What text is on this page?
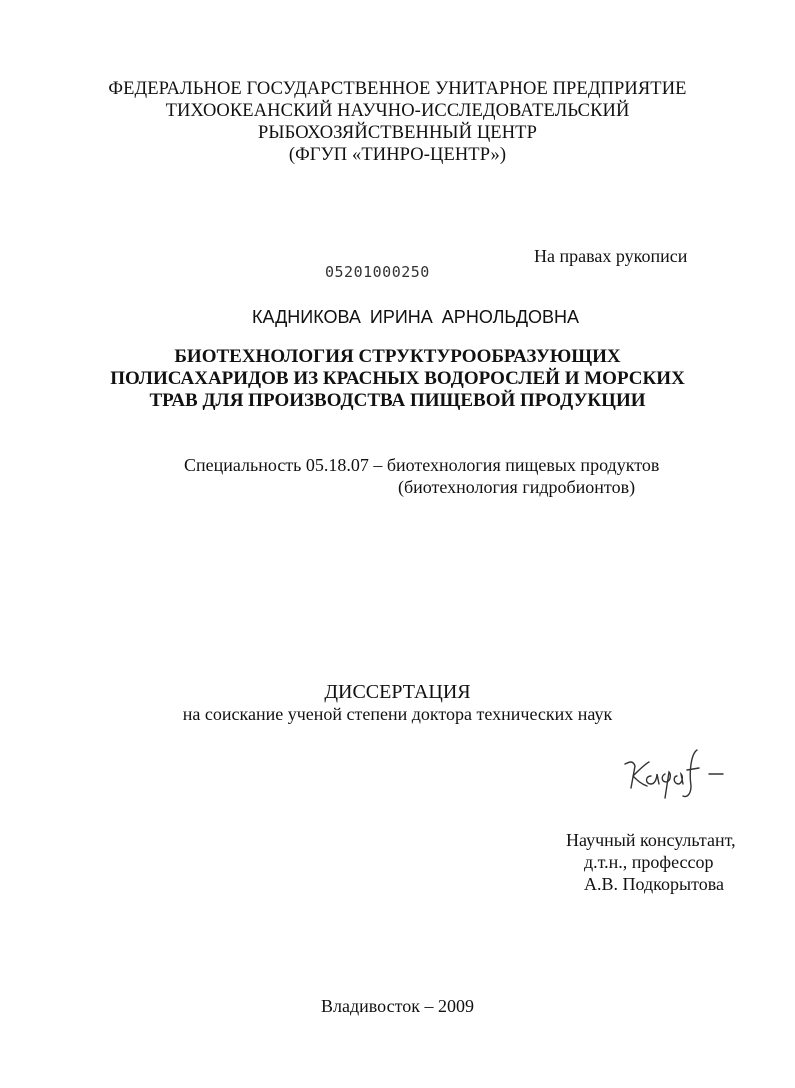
ФЕДЕРАЛЬНОЕ ГОСУДАРСТВЕННОЕ УНИТАРНОЕ ПРЕДПРИЯТИЕ
ТИХООКЕАНСКИЙ НАУЧНО-ИССЛЕДОВАТЕЛЬСКИЙ
РЫБОХОЗЯЙСТВЕННЫЙ ЦЕНТР
(ФГУП «ТИНРО-ЦЕНТР»)
На правах рукописи
05201000250
КАДНИКОВА ИРИНА АРНОЛЬДОВНА
БИОТЕХНОЛОГИЯ СТРУКТУРООБРАЗУЮЩИХ
ПОЛИСАХАРИДОВ ИЗ КРАСНЫХ ВОДОРОСЛЕЙ И МОРСКИХ
ТРАВ ДЛЯ ПРОИЗВОДСТВА ПИЩЕВОЙ ПРОДУКЦИИ
Специальность 05.18.07 – биотехнология пищевых продуктов
(биотехнология гидробионтов)
ДИССЕРТАЦИЯ
на соискание ученой степени доктора технических наук
Научный консультант,
д.т.н., профессор
А.В. Подкорытова
Владивосток – 2009
